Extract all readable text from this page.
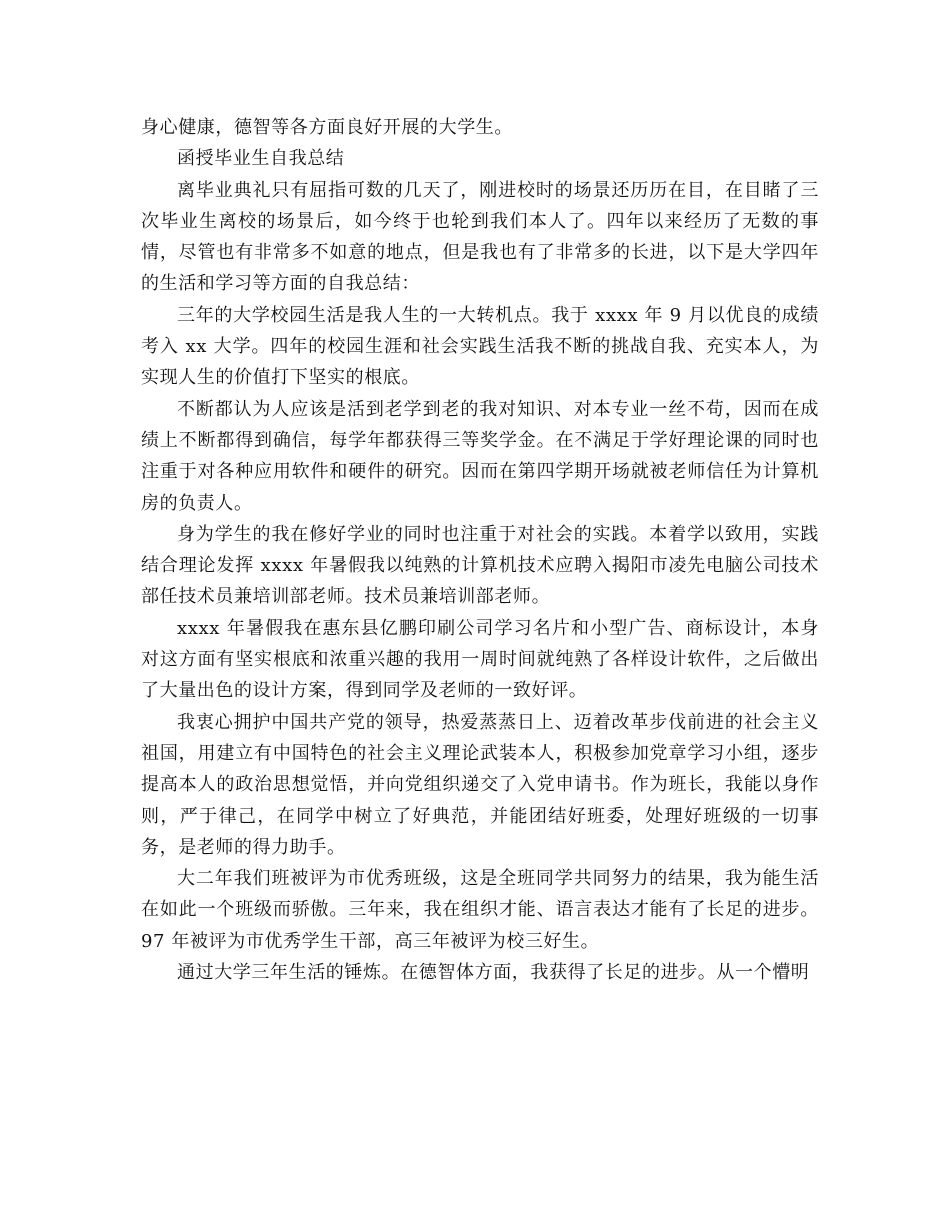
身心健康，德智等各方面良好开展的大学生。

函授毕业生自我总结

离毕业典礼只有屈指可数的几天了，刚进校时的场景还历历在目，在目睹了三次毕业生离校的场景后，如今终于也轮到我们本人了。四年以来经历了无数的事情，尽管也有非常多不如意的地点，但是我也有了非常多的长进，以下是大学四年的生活和学习等方面的自我总结：

三年的大学校园生活是我人生的一大转机点。我于 xxxx 年 9 月以优良的成绩考入 xx 大学。四年的校园生涯和社会实践生活我不断的挑战自我、充实本人，为实现人生的价值打下坚实的根底。

不断都认为人应该是活到老学到老的我对知识、对本专业一丝不苟，因而在成绩上不断都得到确信，每学年都获得三等奖学金。在不满足于学好理论课的同时也注重于对各种应用软件和硬件的研究。因而在第四学期开场就被老师信任为计算机房的负责人。

身为学生的我在修好学业的同时也注重于对社会的实践。本着学以致用，实践结合理论发挥 xxxx 年暑假我以纯熟的计算机技术应聘入揭阳市凌先电脑公司技术部任技术员兼培训部老师。技术员兼培训部老师。

xxxx 年暑假我在惠东县亿鹏印刷公司学习名片和小型广告、商标设计，本身对这方面有坚实根底和浓重兴趣的我用一周时间就纯熟了各样设计软件，之后做出了大量出色的设计方案，得到同学及老师的一致好评。

我衷心拥护中国共产党的领导，热爱蒸蒸日上、迈着改革步伐前进的社会主义祖国，用建立有中国特色的社会主义理论武装本人，积极参加党章学习小组，逐步提高本人的政治思想觉悟，并向党组织递交了入党申请书。作为班长，我能以身作则，严于律己，在同学中树立了好典范，并能团结好班委，处理好班级的一切事务，是老师的得力助手。

大二年我们班被评为市优秀班级，这是全班同学共同努力的结果，我为能生活在如此一个班级而骄傲。三年来，我在组织才能、语言表达才能有了长足的进步。97 年被评为市优秀学生干部，高三年被评为校三好生。

通过大学三年生活的锤炼。在德智体方面，我获得了长足的进步。从一个懵明
